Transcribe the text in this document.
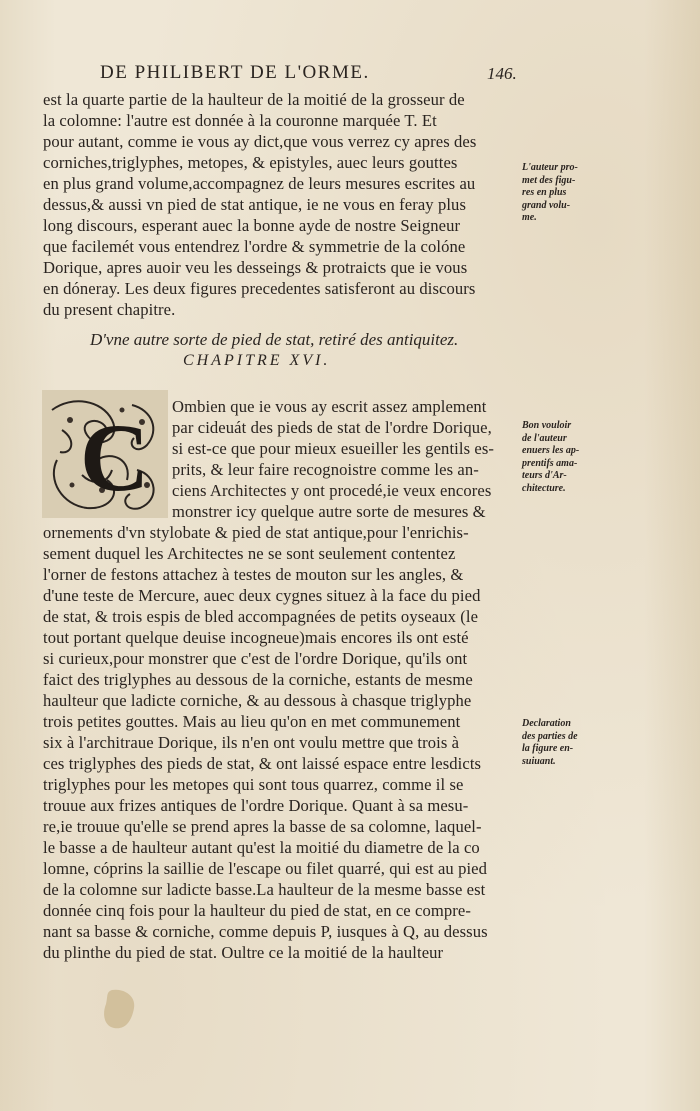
DE PHILIBERT DE L'ORME.	146.
est la quarte partie de la haulteur de la moitié de la grosseur de
la colomne: l'autre est donnée à la couronne marquée T. Et
pour autant, comme ie vous ay dict,que vous verrez cy apres des
corniches,triglyphes, metopes, & epistyles, auec leurs gouttes
en plus grand volume,accompagnez de leurs mesures escrites au
dessus,& aussi vn pied de stat antique, ie ne vous en feray plus
long discours, esperant auec la bonne ayde de nostre Seigneur
que facilemét vous entendrez l'ordre & symmetrie de la colóne
Dorique, apres auoir veu les desseings & protraicts que ie vous
en dóneray. Les deux figures precedentes satisferont au discours
du present chapitre.
L'auteur pro-
met des figu-
res en plus
grand volu-
me.
D'vne autre sorte de pied de stat, retiré des antiquitez.
CHAPITRE XVI.
C Ombien que ie vous ay escrit assez amplement
par cideuát des pieds de stat de l'ordre Dorique,
si est-ce que pour mieux esueiller les gentils es-
prits, & leur faire recognoistre comme les an-
ciens Architectes y ont procedé,ie veux encores
monstrer icy quelque autre sorte de mesures &
ornements d'vn stylobate & pied de stat antique,pour l'enrichis-
sement duquel les Architectes ne se sont seulement contentez
l'orner de festons attachez à testes de mouton sur les angles, &
d'une teste de Mercure, auec deux cygnes situez à la face du pied
de stat, & trois espis de bled accompagnées de petits oyseaux (le
tout portant quelque deuise incogneue)mais encores ils ont esté
si curieux,pour monstrer que c'est de l'ordre Dorique, qu'ils ont
faict des triglyphes au dessous de la corniche, estants de mesme
haulteur que ladicte corniche, & au dessous à chasque triglyphe
trois petites gouttes. Mais au lieu qu'on en met communement
six à l'architraue Dorique, ils n'en ont voulu mettre que trois à
ces triglyphes des pieds de stat, & ont laissé espace entre lesdicts
triglyphes pour les metopes qui sont tous quarrez, comme il se
trouue aux frizes antiques de l'ordre Dorique. Quant à sa mesu-
re,ie trouue qu'elle se prend apres la basse de sa colomne, laquel-
le basse a de haulteur autant qu'est la moitié du diametre de la co
lomne, cóprins la saillie de l'escape ou filet quarré, qui est au pied
de la colomne sur ladicte basse.La haulteur de la mesme basse est
donnée cinq fois pour la haulteur du pied de stat, en ce compre-
nant sa basse & corniche, comme depuis P, iusques à Q, au dessus
du plinthe du pied de stat. Oultre ce la moitié de la haulteur
Bon vouloir
de l'auteur
enuers les ap-
prentifs ama-
teurs d'Ar-
chitecture.
Declaration
des parties de
la figure en-
suiuant.
